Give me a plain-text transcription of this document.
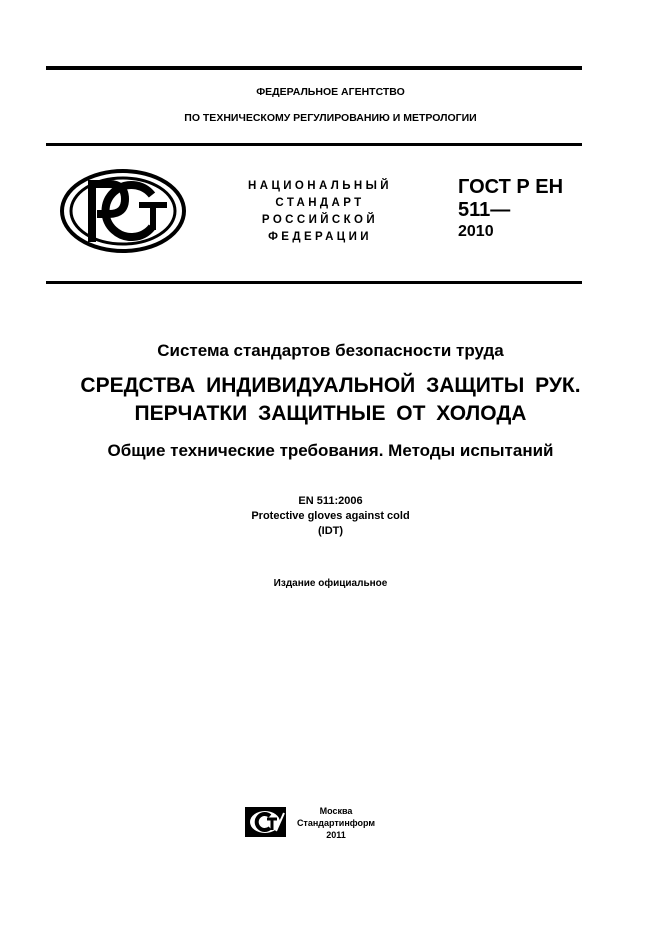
ФЕДЕРАЛЬНОЕ АГЕНТСТВО
ПО ТЕХНИЧЕСКОМУ РЕГУЛИРОВАНИЮ И МЕТРОЛОГИИ
НАЦИОНАЛЬНЫЙ
СТАНДАРТ
РОССИЙСКОЙ
ФЕДЕРАЦИИ
ГОСТ Р ЕН
511—
2010
Система стандартов безопасности труда
СРЕДСТВА ИНДИВИДУАЛЬНОЙ ЗАЩИТЫ РУК.
ПЕРЧАТКИ ЗАЩИТНЫЕ ОТ ХОЛОДА
Общие технические требования. Методы испытаний
EN 511:2006
Protective gloves against cold
(IDT)
Издание официальное
Москва
Стандартинформ
2011
